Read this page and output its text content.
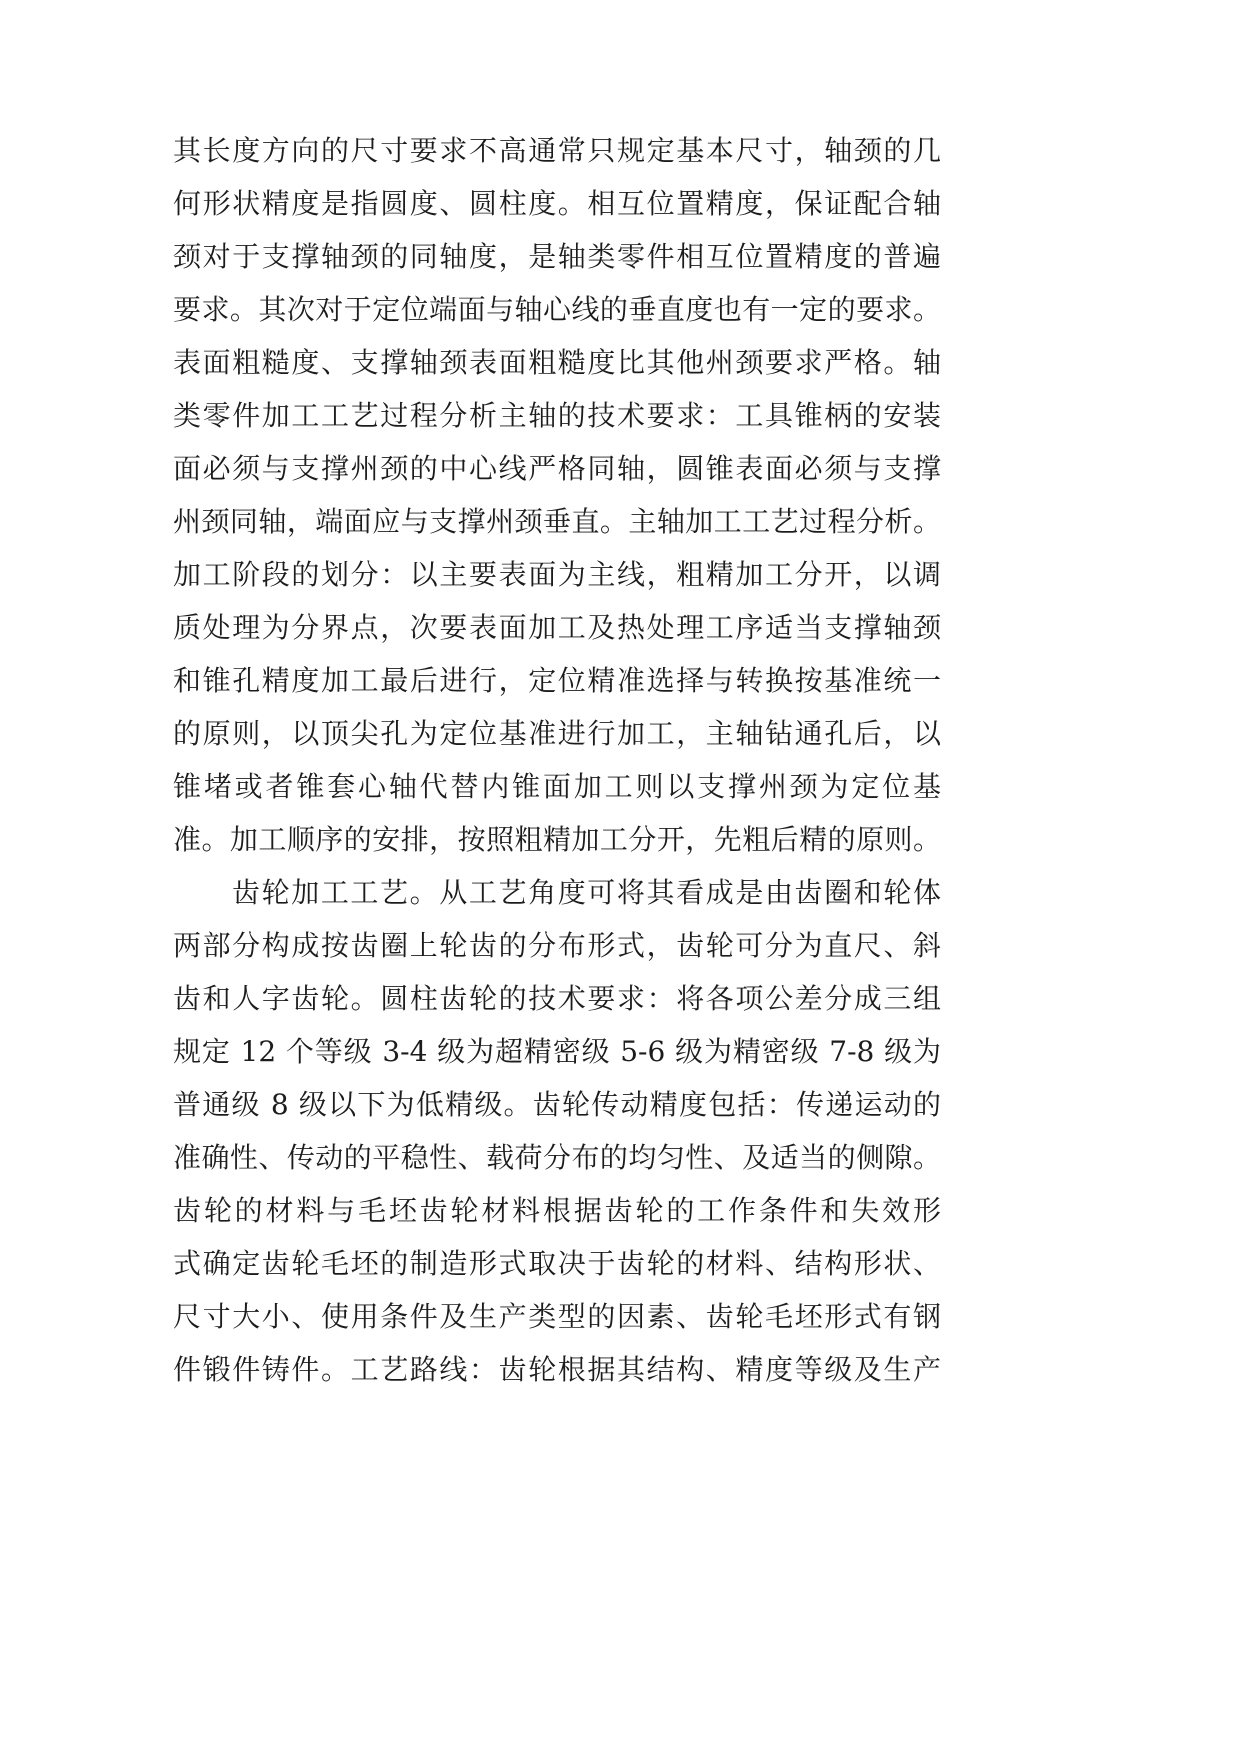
其长度方向的尺寸要求不高通常只规定基本尺寸，轴颈的几
何形状精度是指圆度、圆柱度。相互位置精度，保证配合轴
颈对于支撑轴颈的同轴度，是轴类零件相互位置精度的普遍
要求。其次对于定位端面与轴心线的垂直度也有一定的要求。
表面粗糙度、支撑轴颈表面粗糙度比其他州颈要求严格。轴
类零件加工工艺过程分析主轴的技术要求：工具锥柄的安装
面必须与支撑州颈的中心线严格同轴，圆锥表面必须与支撑
州颈同轴，端面应与支撑州颈垂直。主轴加工工艺过程分析。
加工阶段的划分：以主要表面为主线，粗精加工分开，以调
质处理为分界点，次要表面加工及热处理工序适当支撑轴颈
和锥孔精度加工最后进行，定位精准选择与转换按基准统一
的原则，以顶尖孔为定位基准进行加工，主轴钻通孔后，以
锥堵或者锥套心轴代替内锥面加工则以支撑州颈为定位基
准。加工顺序的安排，按照粗精加工分开，先粗后精的原则。
齿轮加工工艺。从工艺角度可将其看成是由齿圈和轮体
两部分构成按齿圈上轮齿的分布形式，齿轮可分为直尺、斜
齿和人字齿轮。圆柱齿轮的技术要求：将各项公差分成三组
规定 12 个等级 3-4 级为超精密级 5-6 级为精密级 7-8 级为
普通级 8 级以下为低精级。齿轮传动精度包括：传递运动的
准确性、传动的平稳性、载荷分布的均匀性、及适当的侧隙。
齿轮的材料与毛坯齿轮材料根据齿轮的工作条件和失效形
式确定齿轮毛坯的制造形式取决于齿轮的材料、结构形状、
尺寸大小、使用条件及生产类型的因素、齿轮毛坯形式有钢
件锻件铸件。工艺路线：齿轮根据其结构、精度等级及生产
